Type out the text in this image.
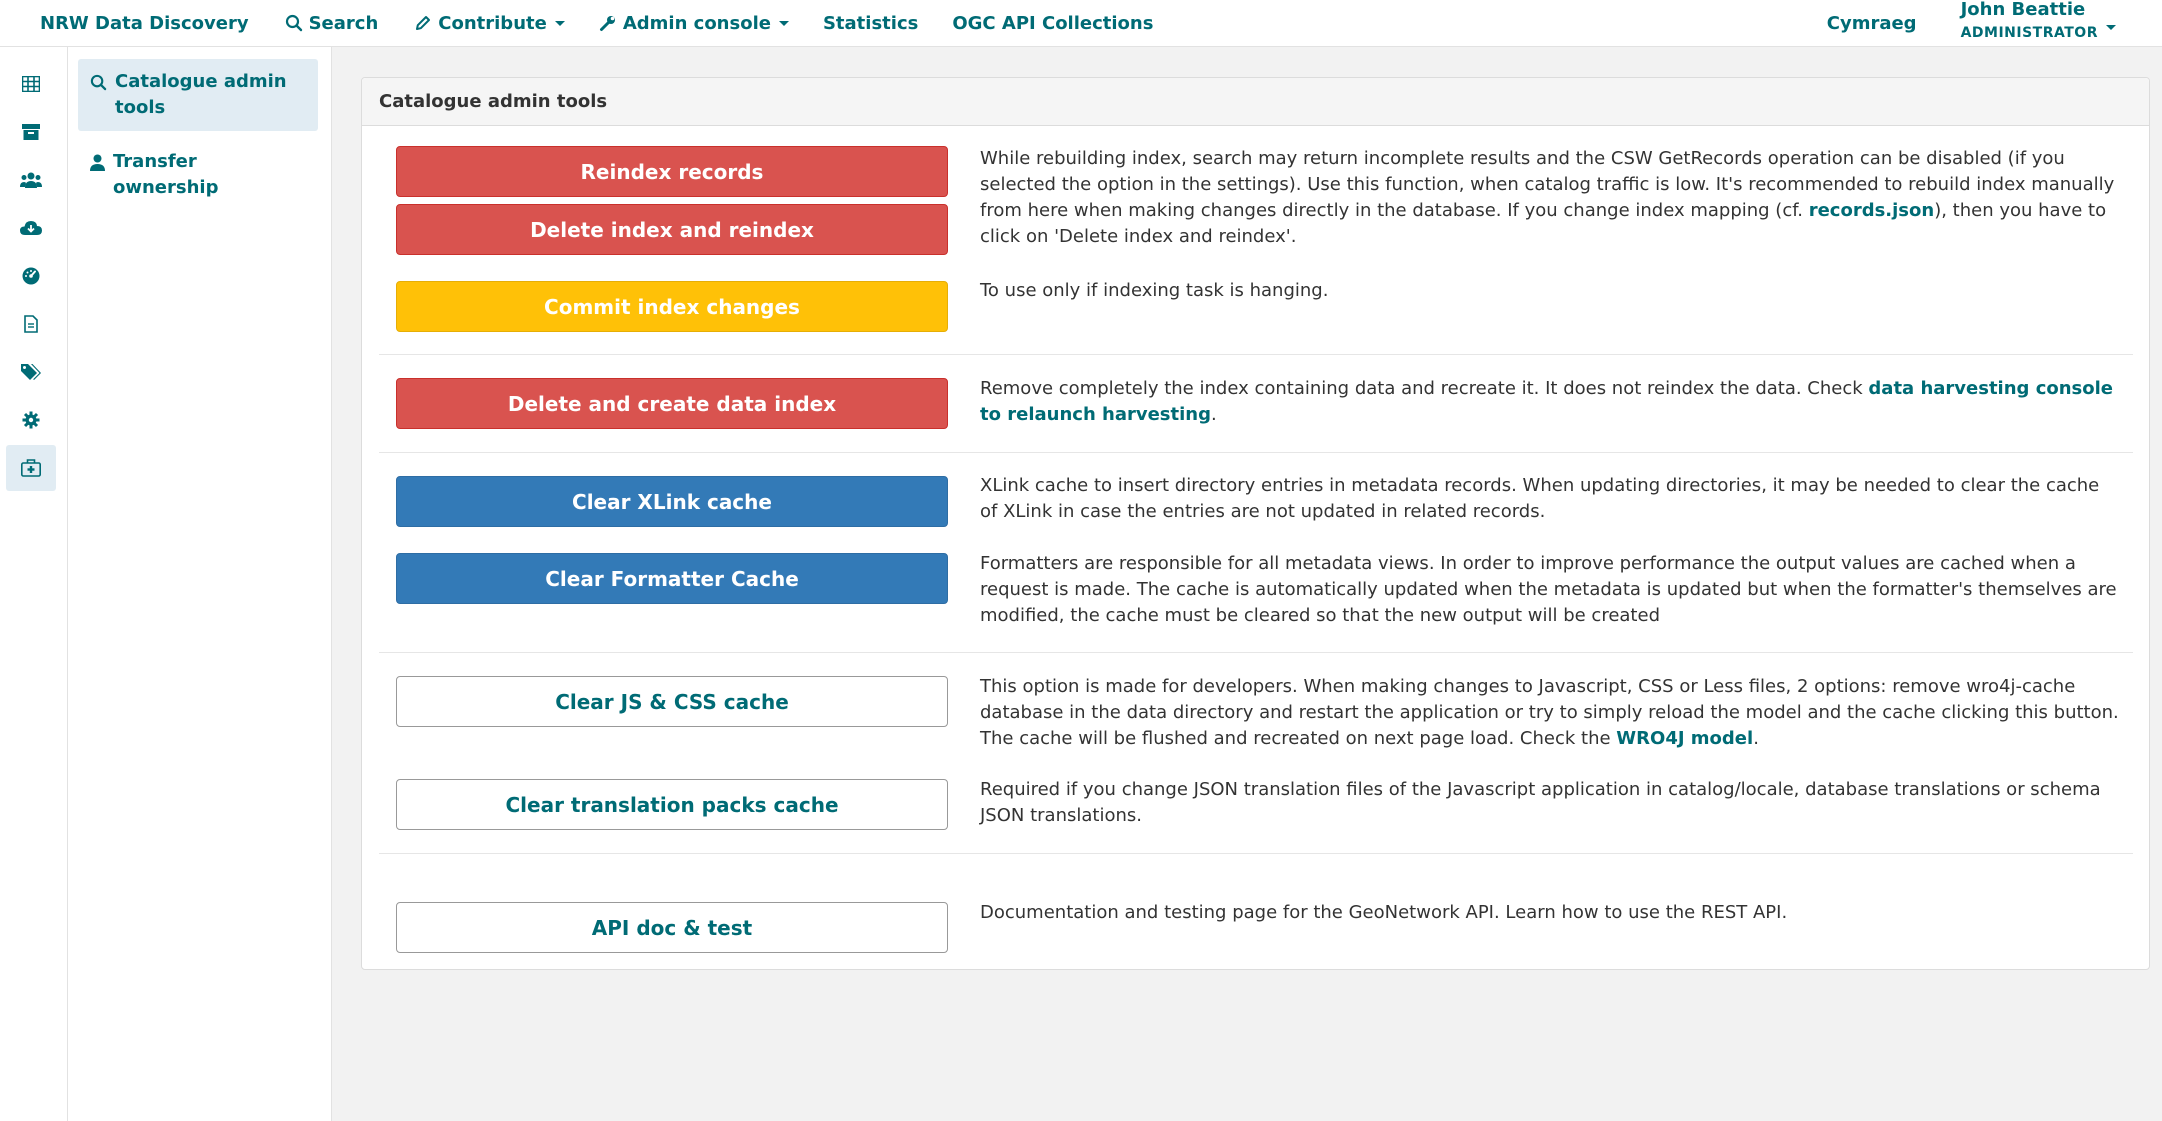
NRW Data Discovery	Search	Contribute	Admin console	Statistics OGC API Collections	Cymraeg
John Beattie
ADMINISTRATOR
Catalogue admin tools
Transfer ownership
Catalogue admin tools
Reindex records
Delete index and reindex
While rebuilding index, search may return incomplete results and the CSW GetRecords operation can be disabled (if you selected the option in the settings). Use this function, when catalog traffic is low. It's recommended to rebuild index manually from here when making changes directly in the database. If you change index mapping (cf. records.json), then you have to click on 'Delete index and reindex'.
Commit index changes
To use only if indexing task is hanging.
Delete and create data index
Remove completely the index containing data and recreate it. It does not reindex the data. Check data harvesting console to relaunch harvesting.
Clear XLink cache
XLink cache to insert directory entries in metadata records. When updating directories, it may be needed to clear the cache of XLink in case the entries are not updated in related records.
Clear Formatter Cache
Formatters are responsible for all metadata views. In order to improve performance the output values are cached when a request is made. The cache is automatically updated when the metadata is updated but when the formatter's themselves are modified, the cache must be cleared so that the new output will be created
Clear JS & CSS cache
This option is made for developers. When making changes to Javascript, CSS or Less files, 2 options: remove wro4j-cache database in the data directory and restart the application or try to simply reload the model and the cache clicking this button. The cache will be flushed and recreated on next page load. Check the WRO4J model.
Clear translation packs cache
Required if you change JSON translation files of the Javascript application in catalog/locale, database translations or schema JSON translations.
API doc & test
Documentation and testing page for the GeoNetwork API. Learn how to use the REST API.
